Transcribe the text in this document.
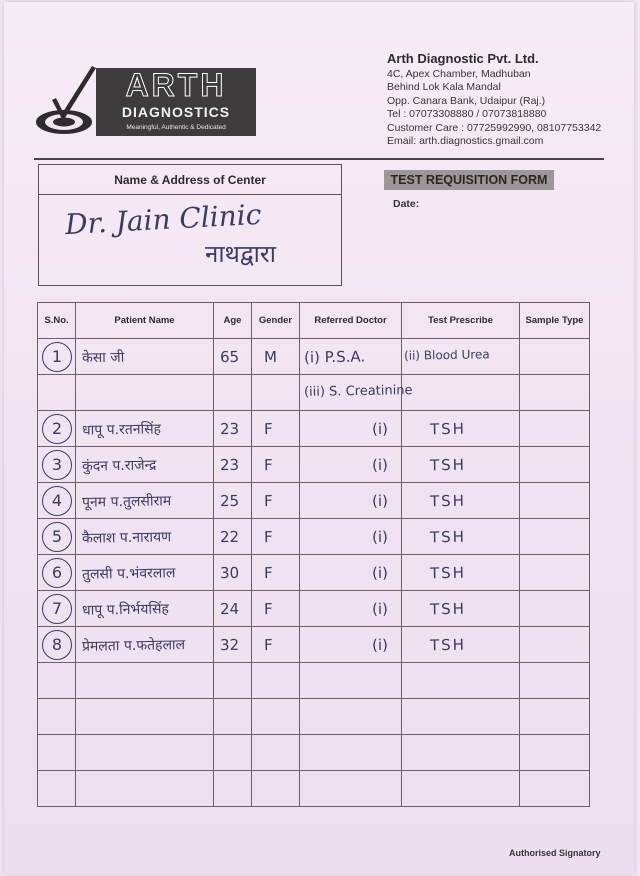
ARTH
DIAGNOSTICS
Meaningful, Authentic & Dedicated
Arth Diagnostic Pvt. Ltd.
4C, Apex Chamber, Madhuban
Behind Lok Kala Mandal
Opp. Canara Bank, Udaipur (Raj.)
Tel : 07073308880 / 07073818880
Customer Care : 07725992990, 08107753342
Email: arth.diagnostics.gmail.com
Name & Address of Center
Dr. Jain Clinic
नाथद्वारा
TEST REQUISITION FORM
Date:
S.No.	Patient Name	Age	Gender	Referred Doctor	Test Prescribe	Sample Type

1	केसा जी	65	M	(i) P.S.A.	(ii) Blood Urea	

				(iii) S. Creatinine		

2	धापू प.रतनसिंह	23	F	(i)	TSH	

3	कुंदन प.राजेन्द्र	23	F	(i)	TSH	

4	पूनम प.तुलसीराम	25	F	(i)	TSH	

5	कैलाश प.नारायण	22	F	(i)	TSH	

6	तुलसी प.भंवरलाल	30	F	(i)	TSH	

7	धापू प.निर्भयसिंह	24	F	(i)	TSH	

8	प्रेमलता प.फतेहलाल	32	F	(i)	TSH	

Authorised Signatory
